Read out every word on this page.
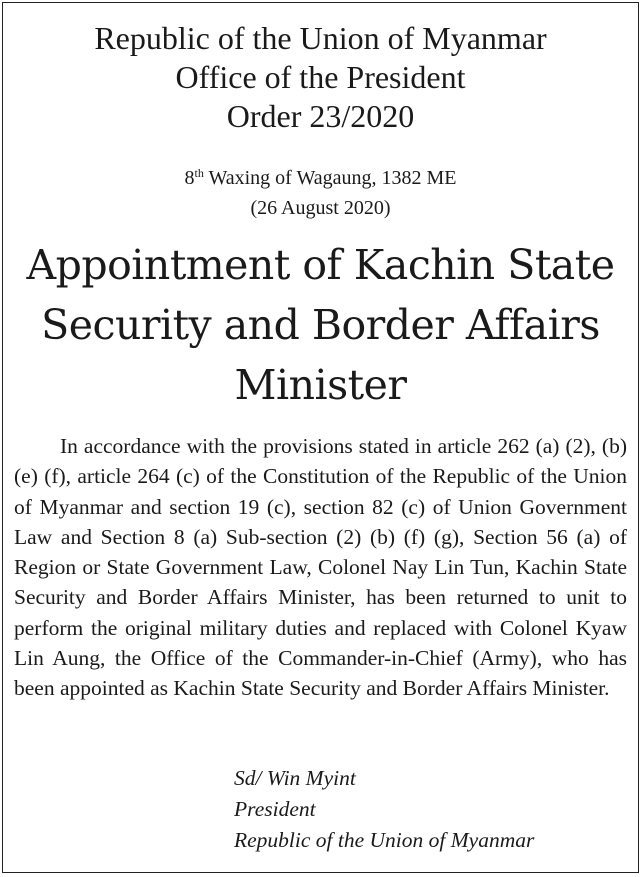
Republic of the Union of Myanmar
Office of the President
Order 23/2020
8th Waxing of Wagaung, 1382 ME
(26 August 2020)
Appointment of Kachin State
Security and Border Affairs
Minister
In accordance with the provisions stated in article 262 (a) (2), (b) (e) (f), article 264 (c) of the Constitution of the Republic of the Union of Myanmar and section 19 (c), section 82 (c) of Union Government Law and Section 8 (a) Sub-section (2) (b) (f) (g), Section 56 (a) of Region or State Government Law, Colonel Nay Lin Tun, Kachin State Security and Border Affairs Minister, has been returned to unit to perform the original military duties and replaced with Colonel Kyaw Lin Aung, the Office of the Commander-in-Chief (Army), who has been appointed as Kachin State Security and Border Affairs Minister.
Sd/ Win Myint
President
Republic of the Union of Myanmar
